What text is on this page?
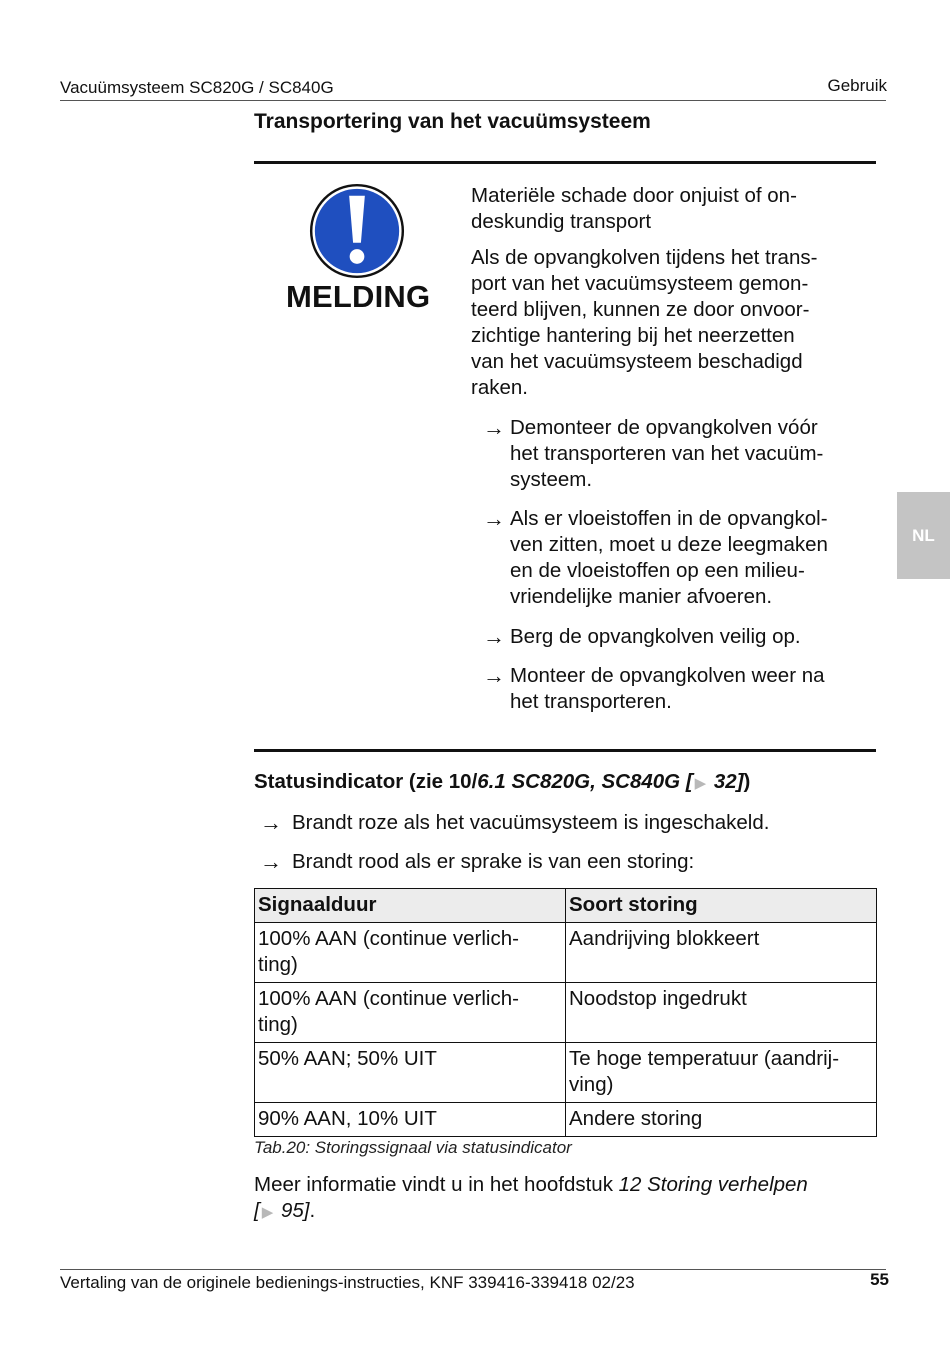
Vacuümsysteem SC820G / SC840G	Gebruik
Transportering van het vacuümsysteem
MELDING
Materiële schade door onjuist of on-
deskundig transport
Als de opvangkolven tijdens het trans-
port van het vacuümsysteem gemon-
teerd blijven, kunnen ze door onvoor-
zichtige hantering bij het neerzetten
van het vacuümsysteem beschadigd
raken.
→ Demonteer de opvangkolven vóór
het transporteren van het vacuüm-
systeem.
→ Als er vloeistoffen in de opvangkol-
ven zitten, moet u deze leegmaken
en de vloeistoffen op een milieu-
vriendelijke manier afvoeren.
→ Berg de opvangkolven veilig op.
→ Monteer de opvangkolven weer na
het transporteren.
Statusindicator (zie 10/6.1 SC820G, SC840G [ ▶ 32])
→ Brandt roze als het vacuümsysteem is ingeschakeld.
→ Brandt rood als er sprake is van een storing:
Signaalduur	Soort storing

100% AAN (continue verlich-
ting)	Aandrijving blokkeert

100% AAN (continue verlich-
ting)	Noodstop ingedrukt

50% AAN; 50% UIT	Te hoge temperatuur (aandrij-
ving)

90% AAN, 10% UIT	Andere storing
Tab.20: Storingssignaal via statusindicator
Meer informatie vindt u in het hoofdstuk 12 Storing verhelpen
[ ▶ 95].
NL
Vertaling van de originele bedienings-instructies, KNF 339416-339418 02/23	55
